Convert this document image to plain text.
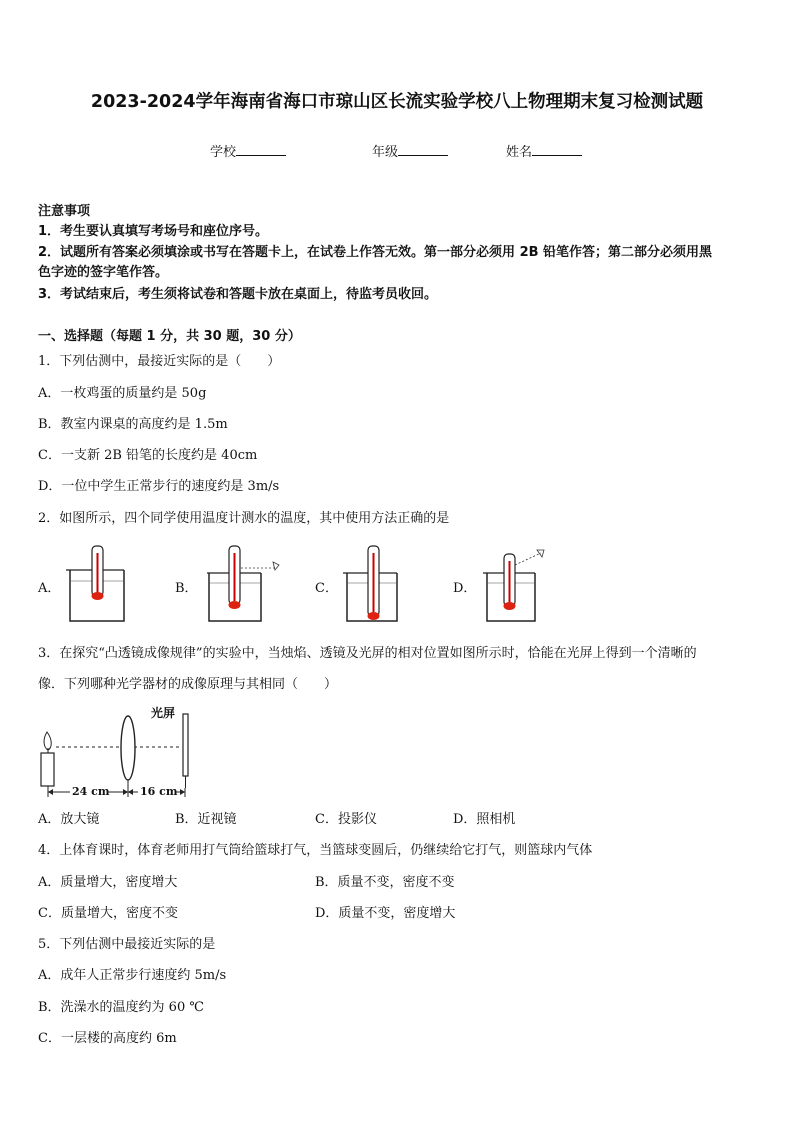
2023-2024学年海南省海口市琼山区长流实验学校八上物理期末复习检测试题
学校	年级	姓名
注意事项
1．考生要认真填写考场号和座位序号。
2．试题所有答案必须填涂或书写在答题卡上，在试卷上作答无效。第一部分必须用 2B 铅笔作答；第二部分必须用黑
色字迹的签字笔作答。
3．考试结束后，考生须将试卷和答题卡放在桌面上，待监考员收回。
一、选择题（每题 1 分，共 30 题，30 分）
1．下列估测中，最接近实际的是（　　）
A．一枚鸡蛋的质量约是 50g
B．教室内课桌的高度约是 1.5m
C．一支新 2B 铅笔的长度约是 40cm
D．一位中学生正常步行的速度约是 3m/s
2．如图所示，四个同学使用温度计测水的温度，其中使用方法正确的是
A．	B．	C．	D．
3．在探究“凸透镜成像规律”的实验中，当烛焰、透镜及光屏的相对位置如图所示时，恰能在光屏上得到一个清晰的
像．下列哪种光学器材的成像原理与其相同（　　）
光屏
24 cm	16 cm
A．放大镜	B．近视镜	C．投影仪	D．照相机
4．上体育课时，体育老师用打气筒给篮球打气，当篮球变圆后，仍继续给它打气，则篮球内气体
A．质量增大，密度增大	B．质量不变，密度不变
C．质量增大，密度不变	D．质量不变，密度增大
5．下列估测中最接近实际的是
A．成年人正常步行速度约 5m/s
B．洗澡水的温度约为 60 ℃
C．一层楼的高度约 6m
